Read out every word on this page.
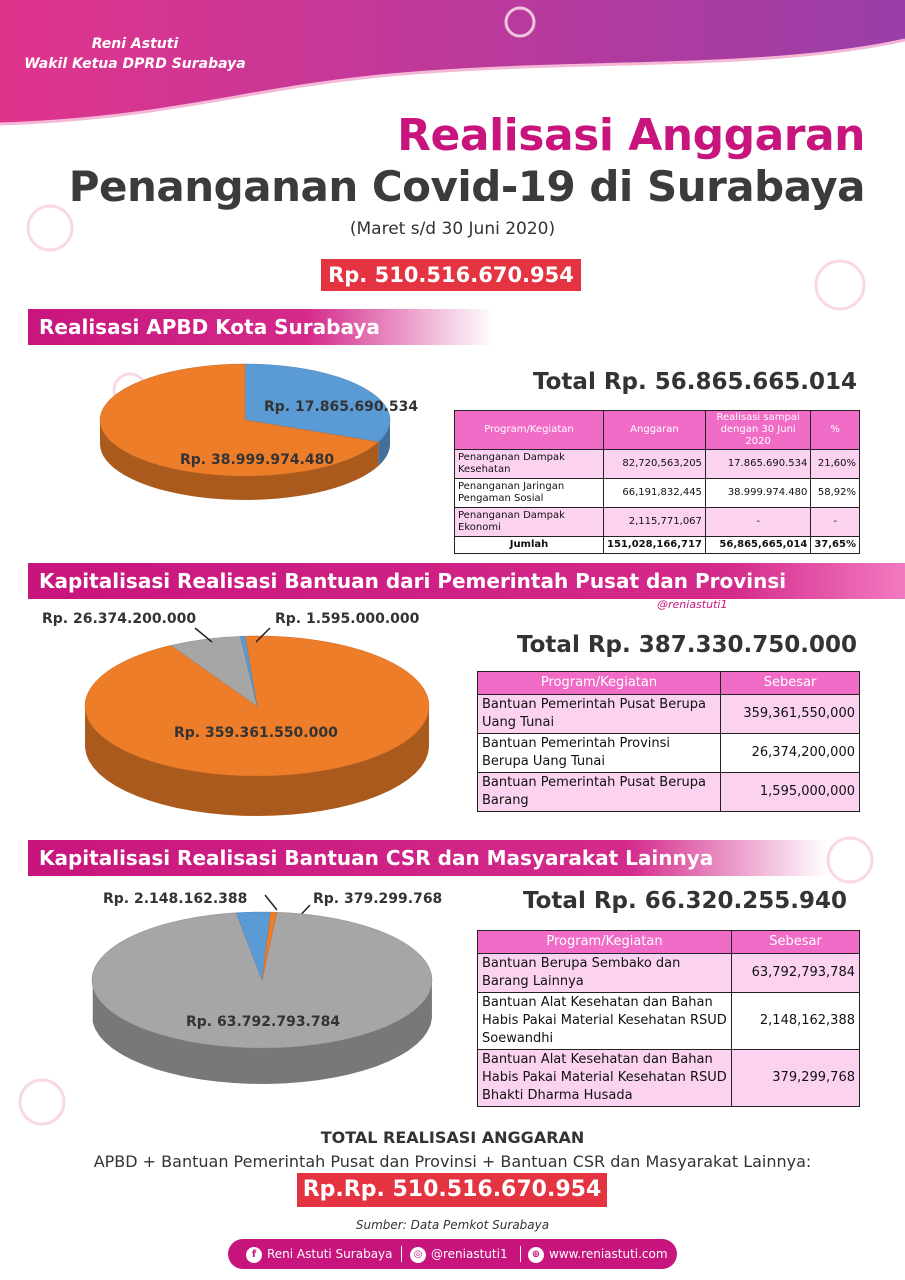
Reni Astuti
Wakil Ketua DPRD Surabaya
Realisasi Anggaran
Penanganan Covid-19 di Surabaya
(Maret s/d 30 Juni 2020)
Rp. 510.516.670.954
Realisasi APBD Kota Surabaya
Rp. 17.865.690.534
Rp. 38.999.974.480
Total Rp. 56.865.665.014
Program/Kegiatan	Anggaran	Realisasi sampai dengan 30 Juni 2020	%
Penanganan Dampak Kesehatan	82,720,563,205	17.865.690.534	21,60%
Penanganan Jaringan Pengaman Sosial	66,191,832,445	38.999.974.480	58,92%
Penanganan Dampak Ekonomi	2,115,771,067	-	-
Jumlah	151,028,166,717	56,865,665,014	37,65%
Kapitalisasi Realisasi Bantuan dari Pemerintah Pusat dan Provinsi
@reniastuti1
Rp. 26.374.200.000	Rp. 1.595.000.000
Rp. 359.361.550.000
Total Rp. 387.330.750.000
Program/Kegiatan	Sebesar
Bantuan Pemerintah Pusat Berupa Uang Tunai	359,361,550,000
Bantuan Pemerintah Provinsi Berupa Uang Tunai	26,374,200,000
Bantuan Pemerintah Pusat Berupa Barang	1,595,000,000
Kapitalisasi Realisasi Bantuan CSR dan Masyarakat Lainnya
Rp. 2.148.162.388	Rp. 379.299.768
Rp. 63.792.793.784
Total Rp. 66.320.255.940
Program/Kegiatan	Sebesar
Bantuan Berupa Sembako dan Barang Lainnya	63,792,793,784
Bantuan Alat Kesehatan dan Bahan Habis Pakai Material Kesehatan RSUD Soewandhi	2,148,162,388
Bantuan Alat Kesehatan dan Bahan Habis Pakai Material Kesehatan RSUD Bhakti Dharma Husada	379,299,768
TOTAL REALISASI ANGGARAN
APBD + Bantuan Pemerintah Pusat dan Provinsi + Bantuan CSR dan Masyarakat Lainnya:
Rp.Rp. 510.516.670.954
Sumber: Data Pemkot Surabaya
f Reni Astuti Surabaya	◎ @reniastuti1	⊕ www.reniastuti.com
